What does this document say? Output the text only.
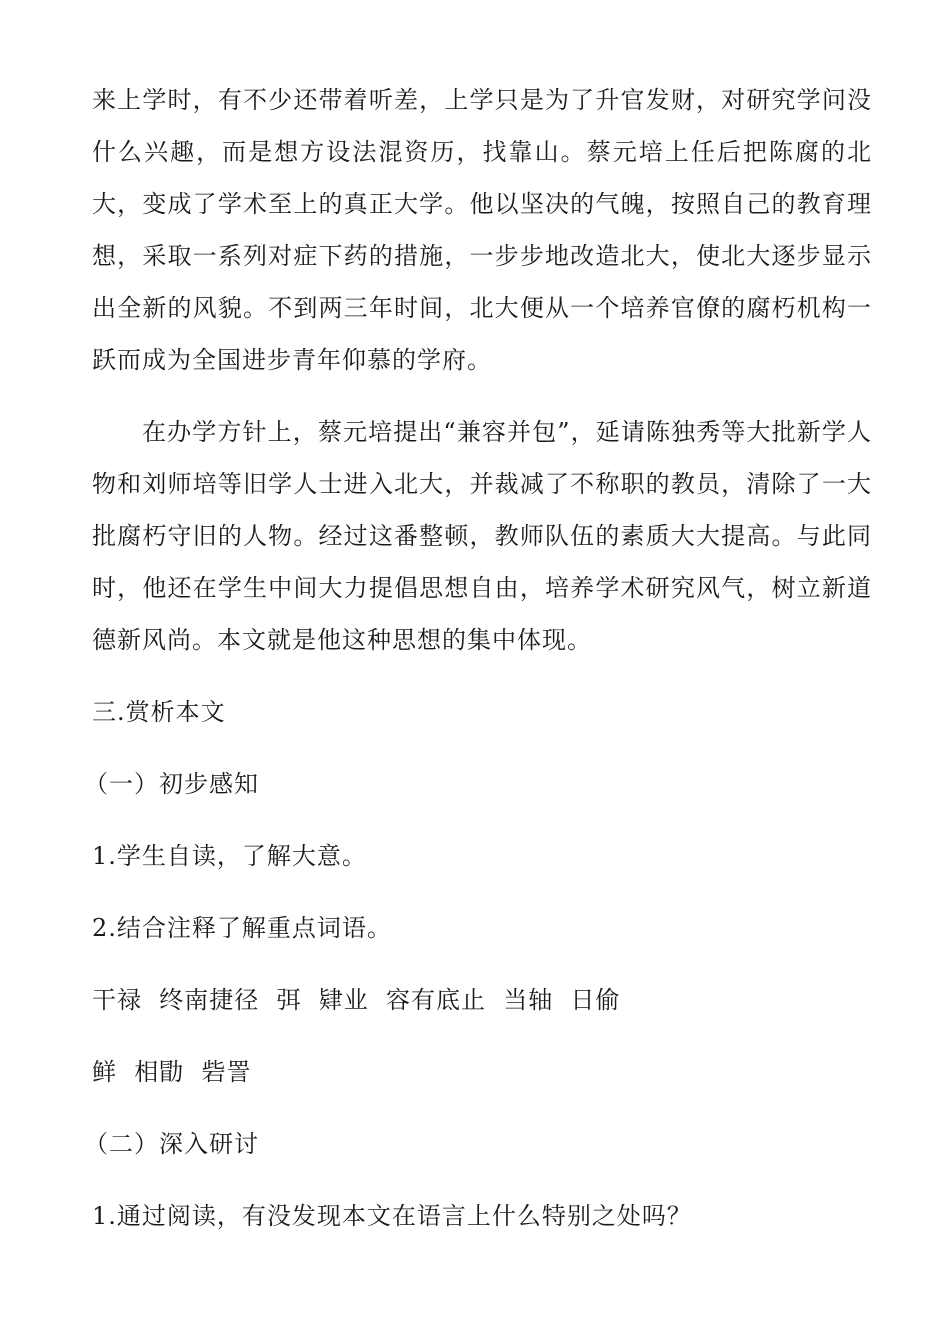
来上学时，有不少还带着听差，上学只是为了升官发财，对研究学问没什么兴趣，而是想方设法混资历，找靠山。蔡元培上任后把陈腐的北大，变成了学术至上的真正大学。他以坚决的气魄，按照自己的教育理想，采取一系列对症下药的措施，一步步地改造北大，使北大逐步显示出全新的风貌。不到两三年时间，北大便从一个培养官僚的腐朽机构一跃而成为全国进步青年仰慕的学府。

在办学方针上，蔡元培提出“兼容并包”，延请陈独秀等大批新学人物和刘师培等旧学人士进入北大，并裁减了不称职的教员，清除了一大批腐朽守旧的人物。经过这番整顿，教师队伍的素质大大提高。与此同时，他还在学生中间大力提倡思想自由，培养学术研究风气，树立新道德新风尚。本文就是他这种思想的集中体现。

三.赏析本文

（一）初步感知

1.学生自读，了解大意。

2.结合注释了解重点词语。

干禄  终南捷径  弭  肄业  容有底止  当轴  日偷

鲜  相勖  砦詈

（二）深入研讨

1.通过阅读，有没发现本文在语言上什么特别之处吗？
